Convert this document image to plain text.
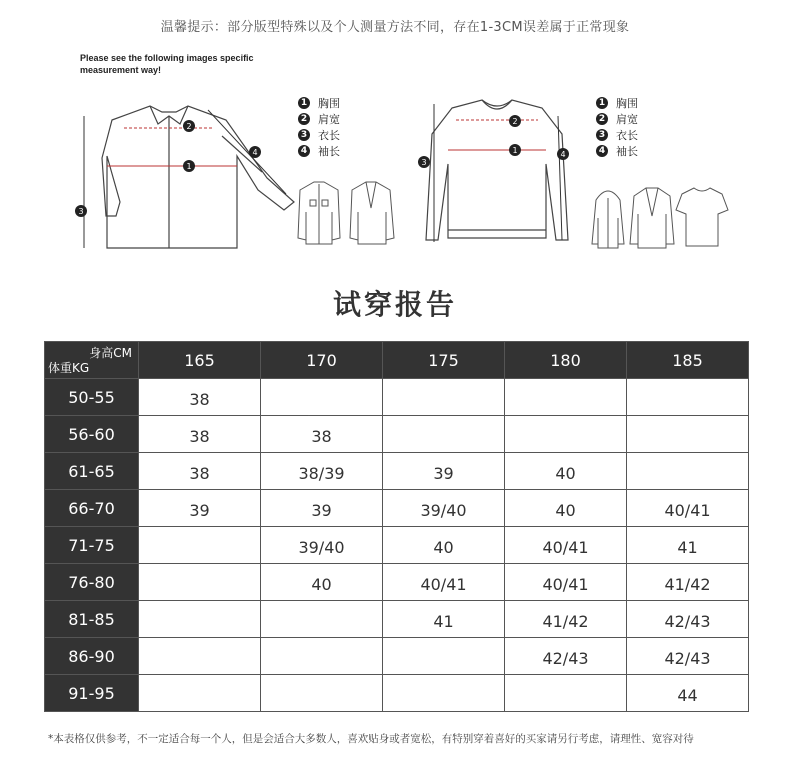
温馨提示：部分版型特殊以及个人测量方法不同，存在1-3CM误差属于正常现象
Please see the following images specific
measurement way!
1
2
3
4
1 胸围
2 肩宽
3 衣长
4 袖长	1
2
3
4
1 胸围
2 肩宽
3 衣长
4 袖长
试穿报告
身高CM
体重KG	165	170	175	180	185
50-55	38				
56-60	38	38			
61-65	38	38/39	39	40	
66-70	39	39	39/40	40	40/41
71-75		39/40	40	40/41	41
76-80		40	40/41	40/41	41/42
81-85			41	41/42	42/43
86-90				42/43	42/43
91-95					44
*本表格仅供参考，不一定适合每一个人，但是会适合大多数人，喜欢贴身或者宽松，有特别穿着喜好的买家请另行考虑，请理性、宽容对待
